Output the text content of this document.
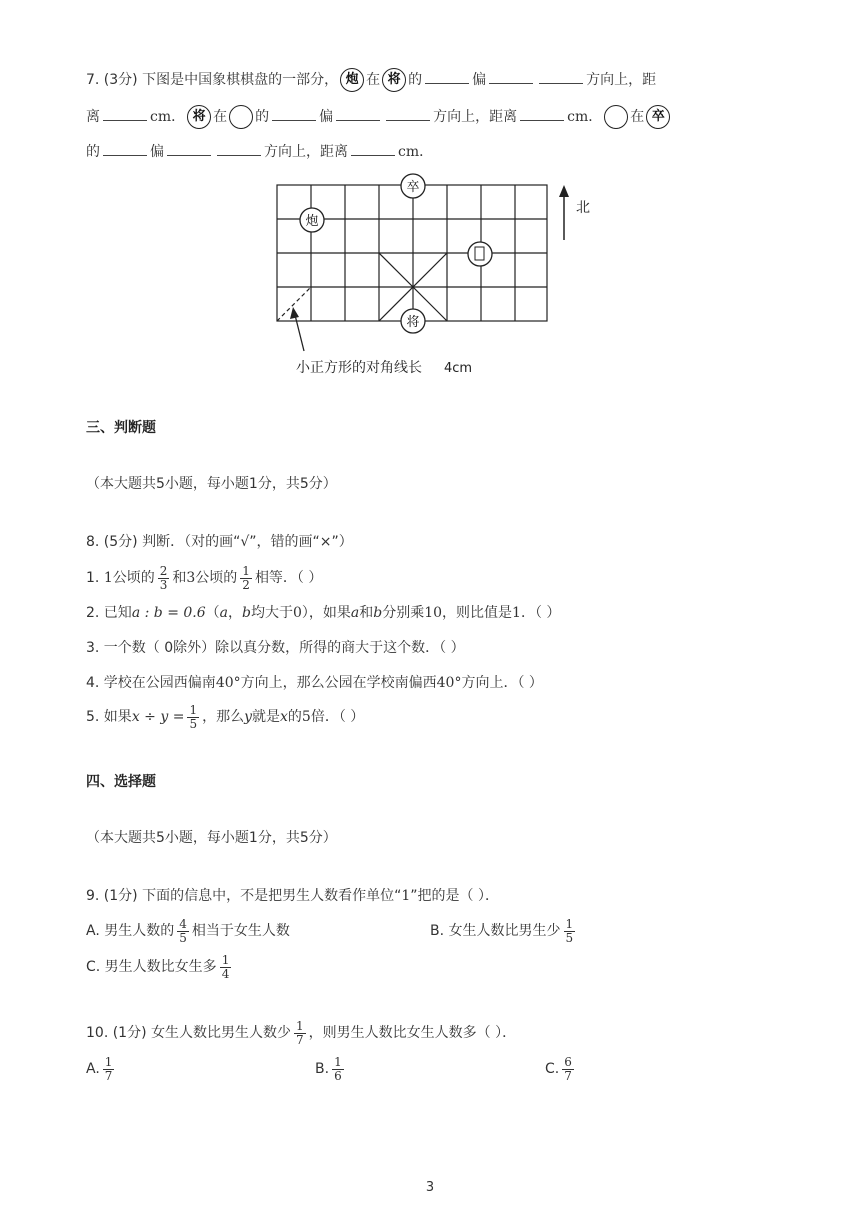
7. (3分) 下图是中国象棋棋盘的一部分， 炮 在 将 的	偏	方向上，距
离	cm． 将 在 的	偏	方向上，距离	cm． 在 卒
的	偏	方向上，距离	cm．
北
卒
炮
将
小正方形的对角线长 4cm
三、判断题
（本大题共5小题，每小题1分，共5分）
8. (5分) 判断．（对的画“√”，错的画“×”）
1. 1公顷的 $\frac{2}{3}$ 和3公顷的 $\frac{1}{2}$ 相等．（ ）
2. 已知a : b = 0.6（a，b均大于0），如果a和b分别乘10，则比值是1．（ ）
3. 一个数（ 0除外）除以真分数，所得的商大于这个数．（ ）
4. 学校在公园西偏南40°方向上，那么公园在学校南偏西40°方向上．（ ）
5. 如果$x \div y = \frac{1}{5}$ ，那么y就是x的5倍．（ ）
四、选择题
（本大题共5小题，每小题1分，共5分）
9. (1分) 下面的信息中，不是把男生人数看作单位“1”把的是（ ）．
A. 男生人数的 $\frac{4}{5}$ 相当于女生人数	B. 女生人数比男生少 $\frac{1}{5}$
C. 男生人数比女生多 $\frac{1}{4}$
10. (1分) 女生人数比男生人数少 $\frac{1}{7}$ ，则男生人数比女生人数多（ ）．
A. $\frac{1}{7}$	B. $\frac{1}{6}$	C. $\frac{6}{7}$
3
